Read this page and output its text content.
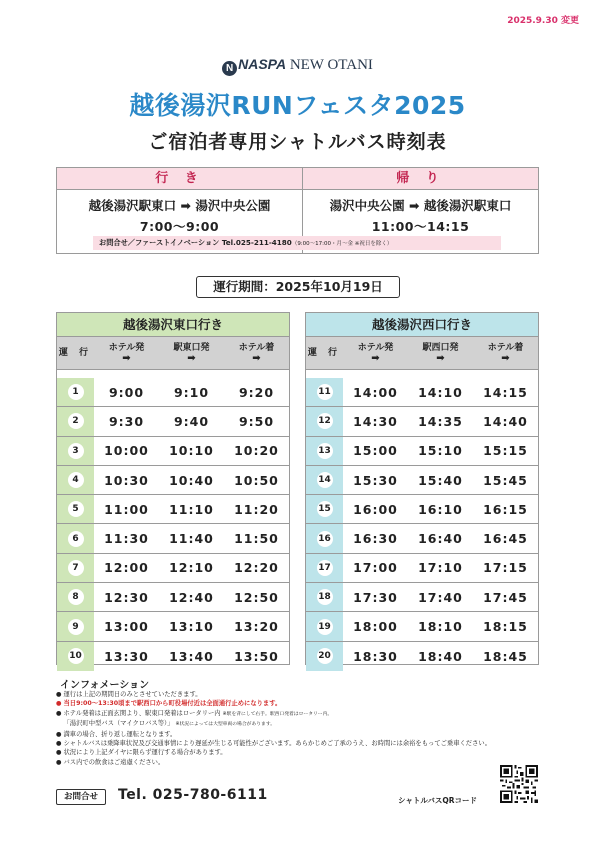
2025.9.30 変更
N NASPA NEW OTANI
越後湯沢RUNフェスタ2025
ご宿泊者専用シャトルバス時刻表
行 き
越後湯沢駅東口 ➡ 湯沢中央公園
7:00〜9:00
帰 り
湯沢中央公園 ➡ 越後湯沢駅東口
11:00〜14:15
お問合せ／ファーストイノベーション Tel.025-211-4180（9:00〜17:00・月〜金 ※祝日を除く）
運行期間：2025年10月19日
越後湯沢東口行き
運 行 ホテル発
➡
駅東口発
➡
ホテル着
➡
1	9:00	9:10	9:20
2	9:30	9:40	9:50
3	10:00	10:10	10:20
4	10:30	10:40	10:50
5	11:00	11:10	11:20
6	11:30	11:40	11:50
7	12:00	12:10	12:20
8	12:30	12:40	12:50
9	13:00	13:10	13:20
10	13:30	13:40	13:50
越後湯沢西口行き
運 行 ホテル発
➡
駅西口発
➡
ホテル着
➡
11	14:00	14:10	14:15
12	14:30	14:35	14:40
13	15:00	15:10	15:15
14	15:30	15:40	15:45
15	16:00	16:10	16:15
16	16:30	16:40	16:45
17	17:00	17:10	17:15
18	17:30	17:40	17:45
19	18:00	18:10	18:15
20	18:30	18:40	18:45
インフォメーション
● 運行は上記の期間日のみとさせていただきます。
● 当日9:00〜13:30頃まで駅西口から町役場付近は全面通行止めになります。
● ホテル発着は正面玄関より、駅東口発着はロータリー内 ※駅を背にして右手。駅西口発着はロータリー内。
「湯沢町中型バス（マイクロバス等）」 ※状況によっては大型車両の場合があります。
● 満車の場合、折り返し運転となります。
● シャトルバスは乗降車状況及び交通事情により遅延が生じる可能性がございます。あらかじめご了承のうえ、お時間には余裕をもってご乗車ください。
● 状況により上記ダイヤに限らず運行する場合があります。
● バス内での飲食はご遠慮ください。
お問合せ	Tel. 025-780-6111	シャトルバスQRコード
